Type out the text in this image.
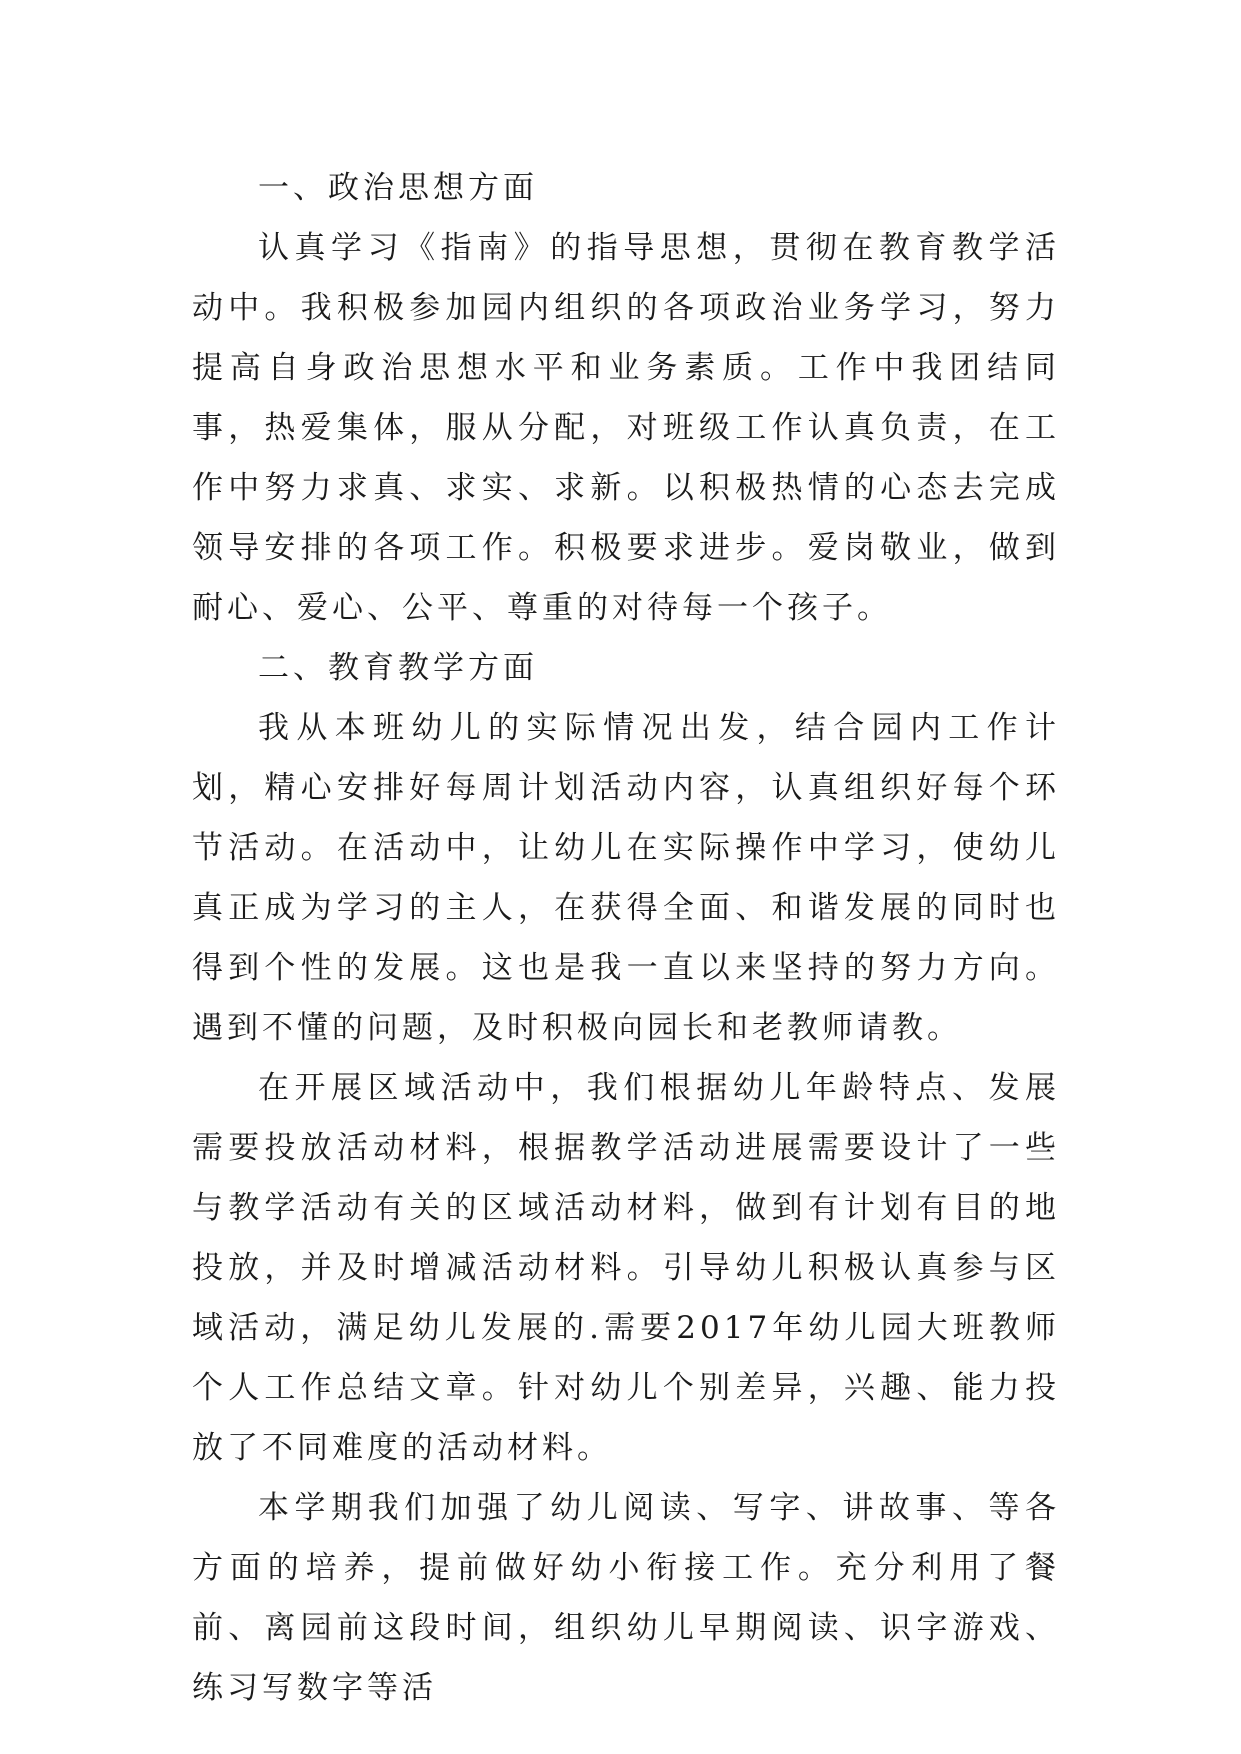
一、政治思想方面

认真学习《指南》的指导思想，贯彻在教育教学活动中。我积极参加园内组织的各项政治业务学习，努力提高自身政治思想水平和业务素质。工作中我团结同事，热爱集体，服从分配，对班级工作认真负责，在工作中努力求真、求实、求新。以积极热情的心态去完成领导安排的各项工作。积极要求进步。爱岗敬业，做到耐心、爱心、公平、尊重的对待每一个孩子。

二、教育教学方面

我从本班幼儿的实际情况出发，结合园内工作计划，精心安排好每周计划活动内容，认真组织好每个环节活动。在活动中，让幼儿在实际操作中学习，使幼儿真正成为学习的主人，在获得全面、和谐发展的同时也得到个性的发展。这也是我一直以来坚持的努力方向。遇到不懂的问题，及时积极向园长和老教师请教。

在开展区域活动中，我们根据幼儿年龄特点、发展需要投放活动材料，根据教学活动进展需要设计了一些与教学活动有关的区域活动材料，做到有计划有目的地投放，并及时增减活动材料。引导幼儿积极认真参与区域活动，满足幼儿发展的.需要2017年幼儿园大班教师个人工作总结文章。针对幼儿个别差异，兴趣、能力投放了不同难度的活动材料。

本学期我们加强了幼儿阅读、写字、讲故事、等各方面的培养，提前做好幼小衔接工作。充分利用了餐前、离园前这段时间，组织幼儿早期阅读、识字游戏、练习写数字等活
